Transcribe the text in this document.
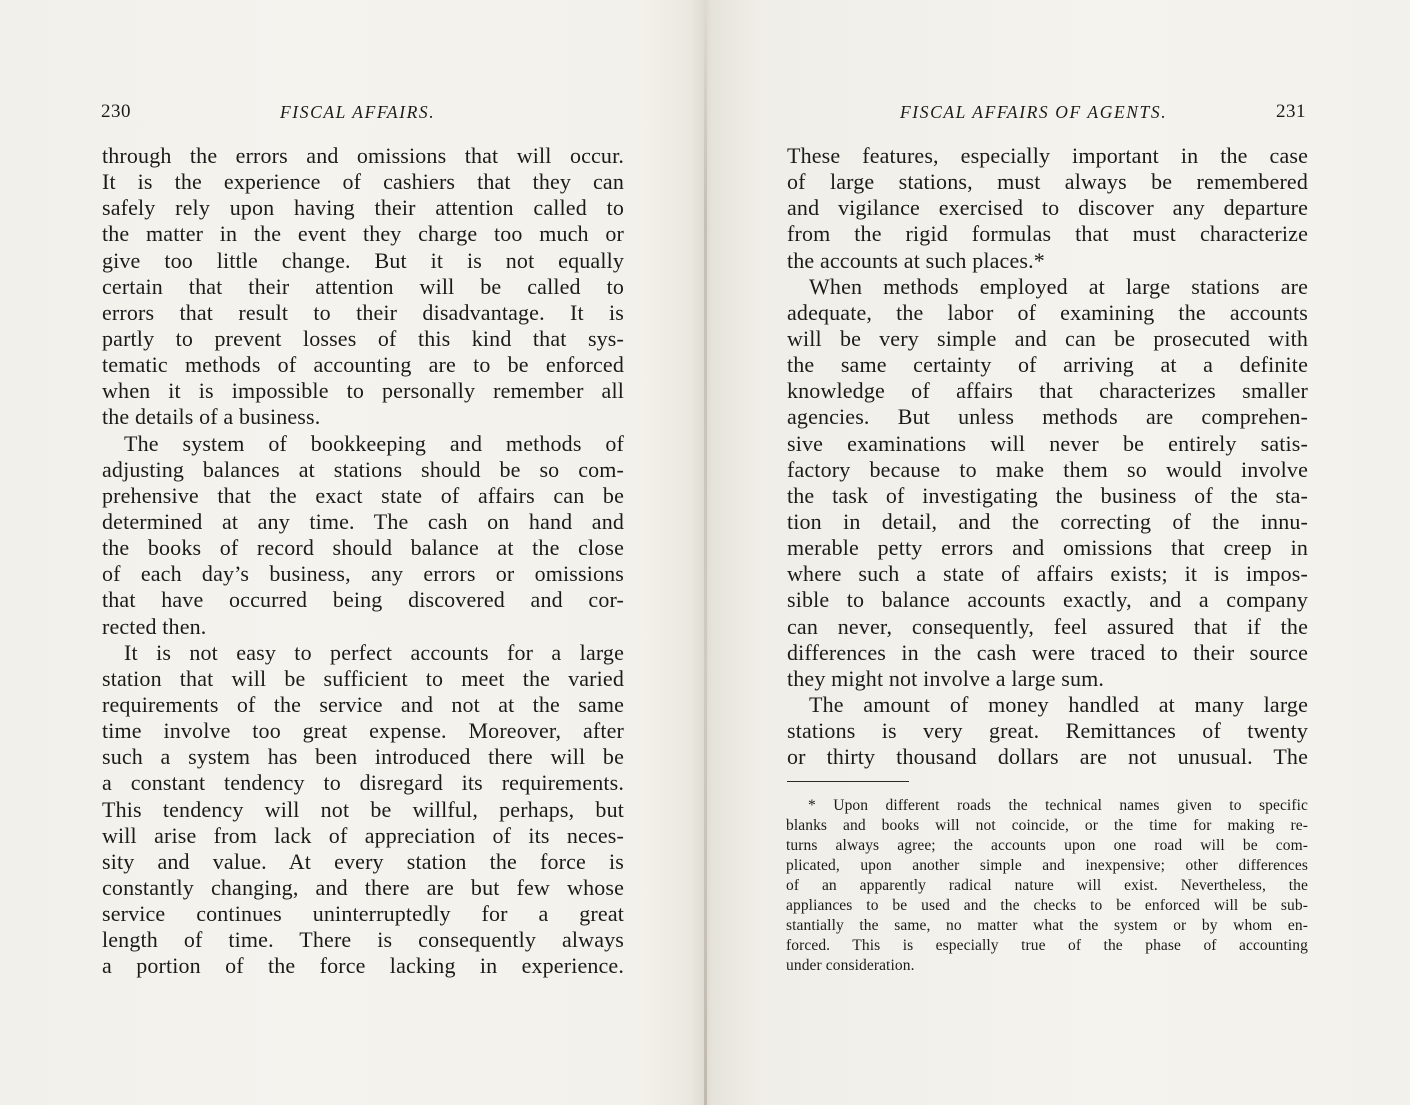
230	FISCAL AFFAIRS.
through the errors and omissions that will occur.
It is the experience of cashiers that they can
safely rely upon having their attention called to
the matter in the event they charge too much or
give too little change. But it is not equally
certain that their attention will be called to
errors that result to their disadvantage. It is
partly to prevent losses of this kind that sys-
tematic methods of accounting are to be enforced
when it is impossible to personally remember all
the details of a business.
The system of bookkeeping and methods of
adjusting balances at stations should be so com-
prehensive that the exact state of affairs can be
determined at any time. The cash on hand and
the books of record should balance at the close
of each day’s business, any errors or omissions
that have occurred being discovered and cor-
rected then.
It is not easy to perfect accounts for a large
station that will be sufficient to meet the varied
requirements of the service and not at the same
time involve too great expense. Moreover, after
such a system has been introduced there will be
a constant tendency to disregard its requirements.
This tendency will not be willful, perhaps, but
will arise from lack of appreciation of its neces-
sity and value. At every station the force is
constantly changing, and there are but few whose
service continues uninterruptedly for a great
length of time. There is consequently always
a portion of the force lacking in experience.
FISCAL AFFAIRS OF AGENTS.	231
These features, especially important in the case
of large stations, must always be remembered
and vigilance exercised to discover any departure
from the rigid formulas that must characterize
the accounts at such places.*
When methods employed at large stations are
adequate, the labor of examining the accounts
will be very simple and can be prosecuted with
the same certainty of arriving at a definite
knowledge of affairs that characterizes smaller
agencies. But unless methods are comprehen-
sive examinations will never be entirely satis-
factory because to make them so would involve
the task of investigating the business of the sta-
tion in detail, and the correcting of the innu-
merable petty errors and omissions that creep in
where such a state of affairs exists; it is impos-
sible to balance accounts exactly, and a company
can never, consequently, feel assured that if the
differences in the cash were traced to their source
they might not involve a large sum.
The amount of money handled at many large
stations is very great. Remittances of twenty
or thirty thousand dollars are not unusual. The
* Upon different roads the technical names given to specific
blanks and books will not coincide, or the time for making re-
turns always agree; the accounts upon one road will be com-
plicated, upon another simple and inexpensive; other differences
of an apparently radical nature will exist. Nevertheless, the
appliances to be used and the checks to be enforced will be sub-
stantially the same, no matter what the system or by whom en-
forced. This is especially true of the phase of accounting
under consideration.
